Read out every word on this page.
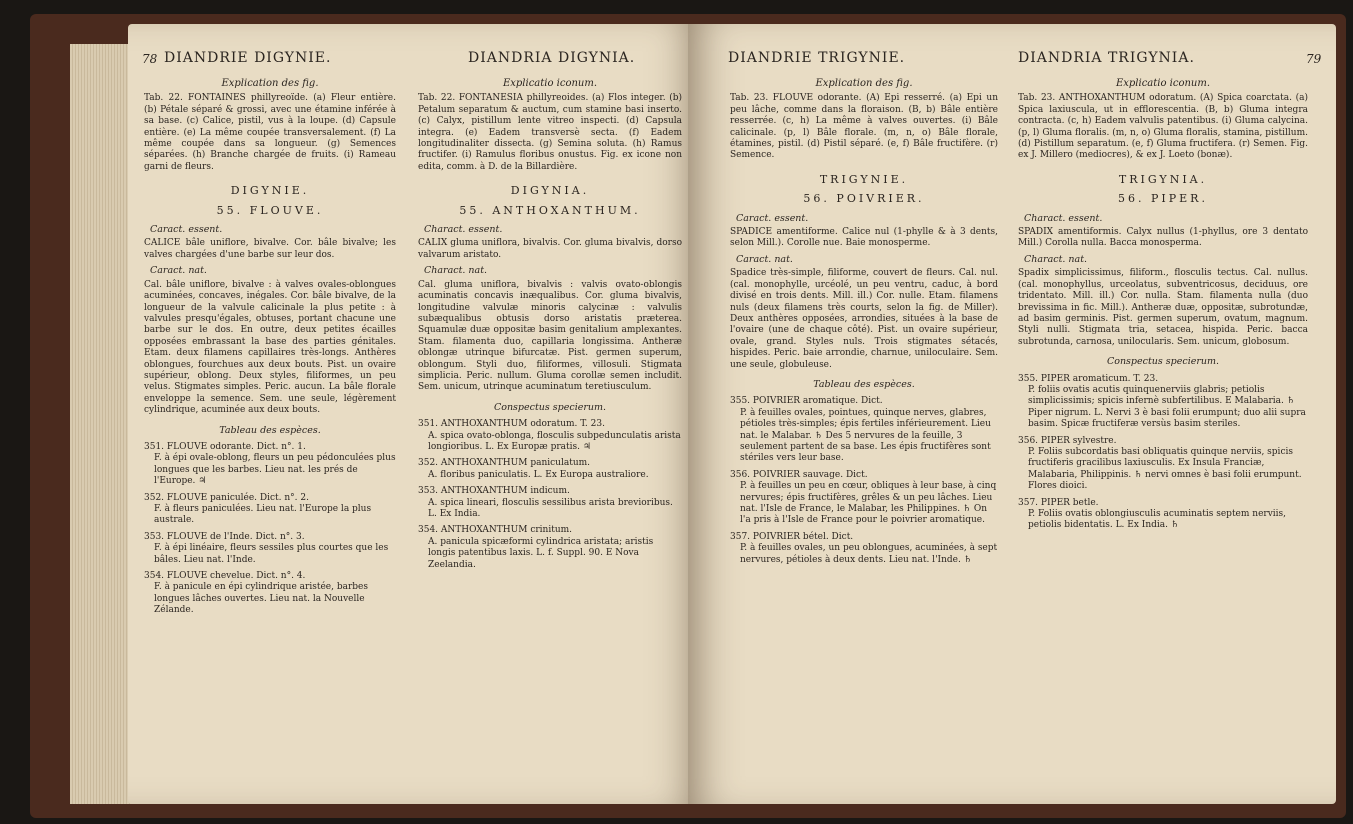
78 DIANDRIE DIGYNIE.	DIANDRIA DIGYNIA.
Explication des fig.

Tab. 22. FONTAINES phillyreoïde. (a) Fleur entière. (b) Pétale séparé & grossi, avec une étamine inférée à sa base. (c) Calice, pistil, vus à la loupe. (d) Capsule entière. (e) La même coupée transversalement. (f) La même coupée dans sa longueur. (g) Semences séparées. (h) Branche chargée de fruits. (i) Rameau garni de fleurs.

DIGYNIE.
55. FLOUVE.
Caract. essent.

CALICE bâle uniflore, bivalve. Cor. bâle bivalve; les valves chargées d'une barbe sur leur dos.

Caract. nat.

Cal. bâle uniflore, bivalve : à valves ovales-oblongues acuminées, concaves, inégales. Cor. bâle bivalve, de la longueur de la valvule calicinale la plus petite : à valvules presqu'égales, obtuses, portant chacune une barbe sur le dos. En outre, deux petites écailles opposées embrassant la base des parties génitales. Etam. deux filamens capillaires très-longs. Anthères oblongues, fourchues aux deux bouts. Pist. un ovaire supérieur, oblong. Deux styles, filiformes, un peu velus. Stigmates simples. Peric. aucun. La bâle florale enveloppe la semence. Sem. une seule, légèrement cylindrique, acuminée aux deux bouts.

Tableau des espèces.
351. FLOUVE odorante. Dict. n°. 1.
F. à épi ovale-oblong, fleurs un peu pédonculées plus longues que les barbes. Lieu nat. les prés de l'Europe. ♃
352. FLOUVE paniculée. Dict. n°. 2.
F. à fleurs paniculées. Lieu nat. l'Europe la plus australe.
353. FLOUVE de l'Inde. Dict. n°. 3.
F. à épi linéaire, fleurs sessiles plus courtes que les bâles. Lieu nat. l'Inde.
354. FLOUVE chevelue. Dict. n°. 4.
F. à panicule en épi cylindrique aristée, barbes longues lâches ouvertes. Lieu nat. la Nouvelle Zélande.
Explicatio iconum.

Tab. 22. FONTANESIA phillyreoides. (a) Flos integer. (b) Petalum separatum & auctum, cum stamine basi inserto. (c) Calyx, pistillum lente vitreo inspecti. (d) Capsula integra. (e) Eadem transversè secta. (f) Eadem longitudinaliter dissecta. (g) Semina soluta. (h) Ramus fructifer. (i) Ramulus floribus onustus. Fig. ex icone non edita, comm. à D. de la Billardière.

DIGYNIA.
55. ANTHOXANTHUM.
Charact. essent.

CALIX gluma uniflora, bivalvis. Cor. gluma bivalvis, dorso valvarum aristato.

Charact. nat.

Cal. gluma uniflora, bivalvis : valvis ovato-oblongis acuminatis concavis inæqualibus. Cor. gluma bivalvis, longitudine valvulæ minoris calycinæ : valvulis subæqualibus obtusis dorso aristatis præterea. Squamulæ duæ oppositæ basim genitalium amplexantes. Stam. filamenta duo, capillaria longissima. Antheræ oblongæ utrinque bifurcatæ. Pist. germen superum, oblongum. Styli duo, filiformes, villosuli. Stigmata simplicia. Peric. nullum. Gluma corollæ semen includit. Sem. unicum, utrinque acuminatum teretiusculum.

Conspectus specierum.
351. ANTHOXANTHUM odoratum. T. 23.
A. spica ovato-oblonga, flosculis subpedunculatis arista longioribus. L. Ex Europæ pratis. ♃
352. ANTHOXANTHUM paniculatum.
A. floribus paniculatis. L. Ex Europa australiore.
353. ANTHOXANTHUM indicum.
A. spica lineari, flosculis sessilibus arista brevioribus. L. Ex India.
354. ANTHOXANTHUM crinitum.
A. panicula spicæformi cylindrica aristata; aristis longis patentibus laxis. L. f. Suppl. 90. E Nova Zeelandia.
DIANDRIE TRIGYNIE.	DIANDRIA TRIGYNIA.	79
Explication des fig.

Tab. 23. FLOUVE odorante. (A) Epi resserré. (a) Epi un peu lâche, comme dans la floraison. (B, b) Bâle entière resserrée. (c, h) La même à valves ouvertes. (i) Bâle calicinale. (p, l) Bâle florale. (m, n, o) Bâle florale, étamines, pistil. (d) Pistil séparé. (e, f) Bâle fructifère. (r) Semence.

TRIGYNIE.
56. POIVRIER.
Caract. essent.

SPADICE amentiforme. Calice nul (1-phylle & à 3 dents, selon Mill.). Corolle nue. Baie monosperme.

Caract. nat.

Spadice très-simple, filiforme, couvert de fleurs. Cal. nul. (cal. monophylle, urcéolé, un peu ventru, caduc, à bord divisé en trois dents. Mill. ill.) Cor. nulle. Etam. filamens nuls (deux filamens très courts, selon la fig. de Miller). Deux anthères opposées, arrondies, situées à la base de l'ovaire (une de chaque côté). Pist. un ovaire supérieur, ovale, grand. Styles nuls. Trois stigmates sétacés, hispides. Peric. baie arrondie, charnue, uniloculaire. Sem. une seule, globuleuse.

Tableau des espèces.
355. POIVRIER aromatique. Dict.
P. à feuilles ovales, pointues, quinque nerves, glabres, pétioles très-simples; épis fertiles inférieurement. Lieu nat. le Malabar. ♄ Des 5 nervures de la feuille, 3 seulement partent de sa base. Les épis fructifères sont stériles vers leur base.
356. POIVRIER sauvage. Dict.
P. à feuilles un peu en cœur, obliques à leur base, à cinq nervures; épis fructifères, grêles & un peu lâches. Lieu nat. l'Isle de France, le Malabar, les Philippines. ♄ On l'a pris à l'Isle de France pour le poivrier aromatique.
357. POIVRIER bétel. Dict.
P. à feuilles ovales, un peu oblongues, acuminées, à sept nervures, pétioles à deux dents. Lieu nat. l'Inde. ♄
Explicatio iconum.

Tab. 23. ANTHOXANTHUM odoratum. (A) Spica coarctata. (a) Spica laxiuscula, ut in efflorescentia. (B, b) Gluma integra contracta. (c, h) Eadem valvulis patentibus. (i) Gluma calycina. (p, l) Gluma floralis. (m, n, o) Gluma floralis, stamina, pistillum. (d) Pistillum separatum. (e, f) Gluma fructifera. (r) Semen. Fig. ex J. Millero (mediocres), & ex J. Loeto (bonæ).

TRIGYNIA.
56. PIPER.
Charact. essent.

SPADIX amentiformis. Calyx nullus (1-phyllus, ore 3 dentato Mill.) Corolla nulla. Bacca monosperma.

Charact. nat.

Spadix simplicissimus, filiform., flosculis tectus. Cal. nullus. (cal. monophyllus, urceolatus, subventricosus, deciduus, ore tridentato. Mill. ill.) Cor. nulla. Stam. filamenta nulla (duo brevissima in fic. Mill.). Antheræ duæ, oppositæ, subrotundæ, ad basim germinis. Pist. germen superum, ovatum, magnum. Styli nulli. Stigmata tria, setacea, hispida. Peric. bacca subrotunda, carnosa, unilocularis. Sem. unicum, globosum.

Conspectus specierum.
355. PIPER aromaticum. T. 23.
P. foliis ovatis acutis quinquenerviis glabris; petiolis simplicissimis; spicis infernè subfertilibus. E Malabaria. ♄ Piper nigrum. L. Nervi 3 è basi folii erumpunt; duo alii supra basim. Spicæ fructiferæ versùs basim steriles.
356. PIPER sylvestre.
P. Foliis subcordatis basi obliquatis quinque nerviis, spicis fructiferis gracilibus laxiusculis. Ex Insula Franciæ, Malabaria, Philippinis. ♄ nervi omnes è basi folii erumpunt. Flores dioici.
357. PIPER betle.
P. Foliis ovatis oblongiusculis acuminatis septem nerviis, petiolis bidentatis. L. Ex India. ♄
